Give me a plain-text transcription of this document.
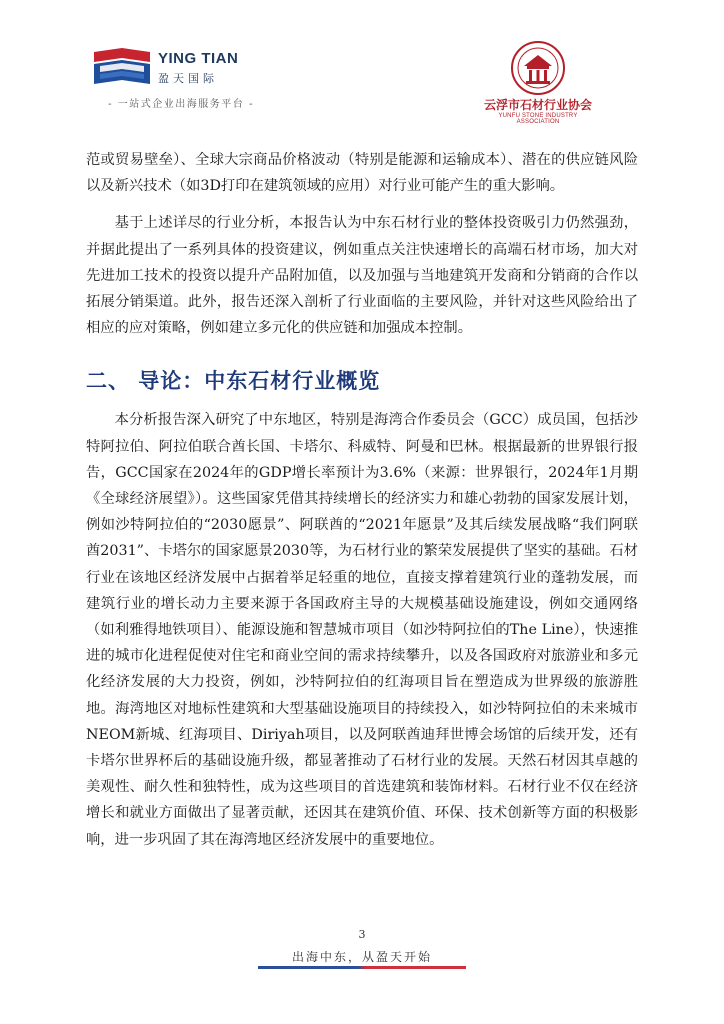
YING TIAN
盈天国际
- 一站式企业出海服务平台 -	云浮市石材行业协会
YUNFU STONE INDUSTRY ASSOCIATION

范或贸易壁垒）、全球大宗商品价格波动（特别是能源和运输成本）、潜在的供应链风险以及新兴技术（如3D打印在建筑领域的应用）对行业可能产生的重大影响。

基于上述详尽的行业分析，本报告认为中东石材行业的整体投资吸引力仍然强劲，并据此提出了一系列具体的投资建议，例如重点关注快速增长的高端石材市场，加大对先进加工技术的投资以提升产品附加值，以及加强与当地建筑开发商和分销商的合作以拓展分销渠道。此外，报告还深入剖析了行业面临的主要风险，并针对这些风险给出了相应的应对策略，例如建立多元化的供应链和加强成本控制。

二、 导论：中东石材行业概览

本分析报告深入研究了中东地区，特别是海湾合作委员会（GCC）成员国，包括沙特阿拉伯、阿拉伯联合酋长国、卡塔尔、科威特、阿曼和巴林。根据最新的世界银行报告，GCC国家在2024年的GDP增长率预计为3.6%（来源：世界银行，2024年1月期《全球经济展望》）。这些国家凭借其持续增长的经济实力和雄心勃勃的国家发展计划，例如沙特阿拉伯的“2030愿景”、阿联酋的“2021年愿景”及其后续发展战略“我们阿联酋2031”、卡塔尔的国家愿景2030等，为石材行业的繁荣发展提供了坚实的基础。石材行业在该地区经济发展中占据着举足轻重的地位，直接支撑着建筑行业的蓬勃发展，而建筑行业的增长动力主要来源于各国政府主导的大规模基础设施建设，例如交通网络（如利雅得地铁项目）、能源设施和智慧城市项目（如沙特阿拉伯的The Line），快速推进的城市化进程促使对住宅和商业空间的需求持续攀升，以及各国政府对旅游业和多元化经济发展的大力投资，例如，沙特阿拉伯的红海项目旨在塑造成为世界级的旅游胜地。海湾地区对地标性建筑和大型基础设施项目的持续投入，如沙特阿拉伯的未来城市NEOM新城、红海项目、Diriyah项目，以及阿联酋迪拜世博会场馆的后续开发，还有卡塔尔世界杯后的基础设施升级，都显著推动了石材行业的发展。天然石材因其卓越的美观性、耐久性和独特性，成为这些项目的首选建筑和装饰材料。石材行业不仅在经济增长和就业方面做出了显著贡献，还因其在建筑价值、环保、技术创新等方面的积极影响，进一步巩固了其在海湾地区经济发展中的重要地位。

3
出海中东，从盈天开始
